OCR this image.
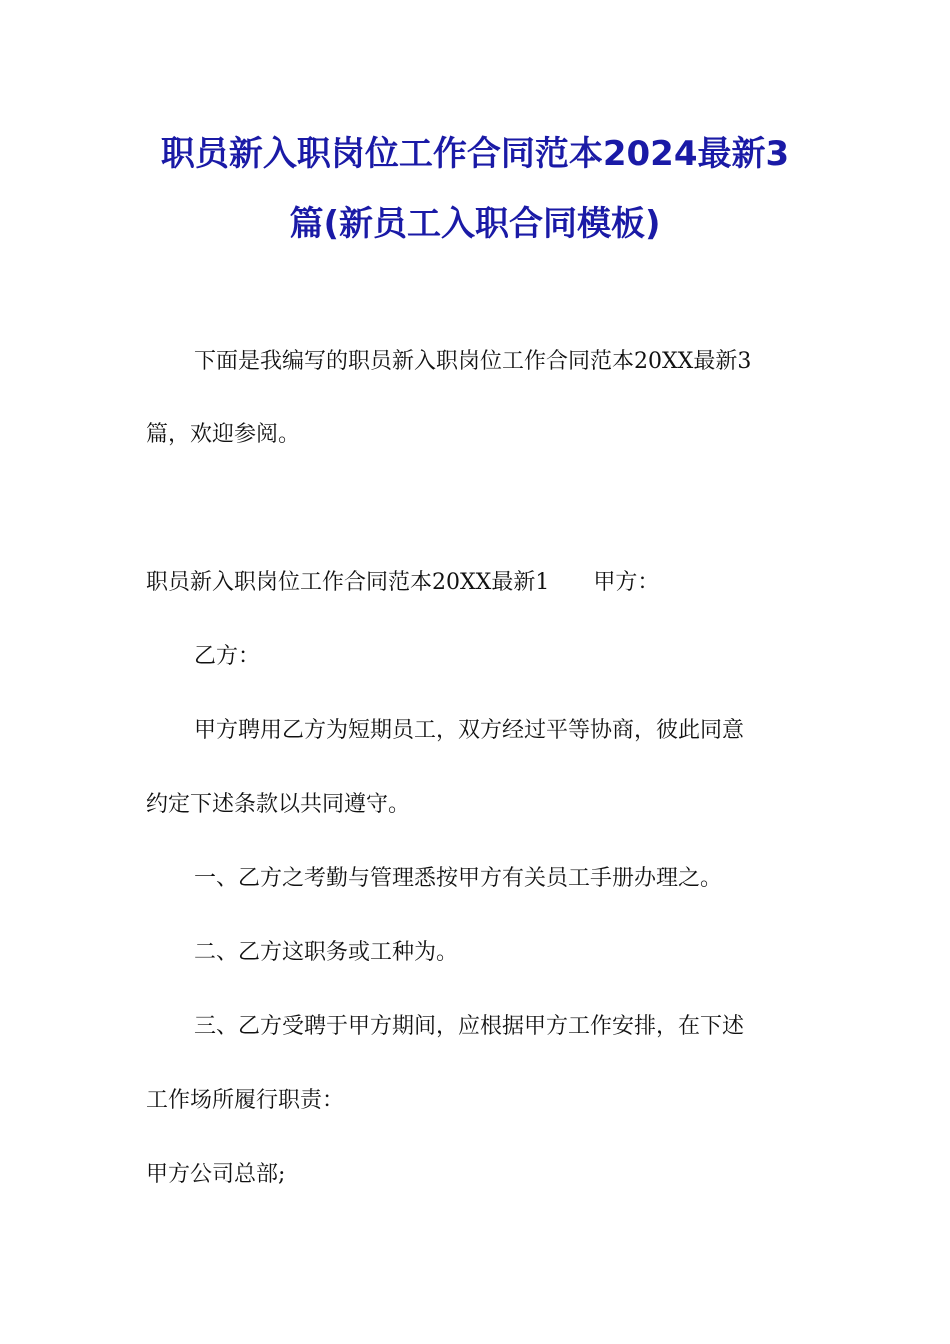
职员新入职岗位工作合同范本2024最新3
篇(新员工入职合同模板)
下面是我编写的职员新入职岗位工作合同范本20XX最新3
篇，欢迎参阅。
职员新入职岗位工作合同范本20XX最新1　　甲方：
乙方：
甲方聘用乙方为短期员工，双方经过平等协商，彼此同意
约定下述条款以共同遵守。
一、乙方之考勤与管理悉按甲方有关员工手册办理之。
二、乙方这职务或工种为。
三、乙方受聘于甲方期间，应根据甲方工作安排，在下述
工作场所履行职责：
甲方公司总部;
